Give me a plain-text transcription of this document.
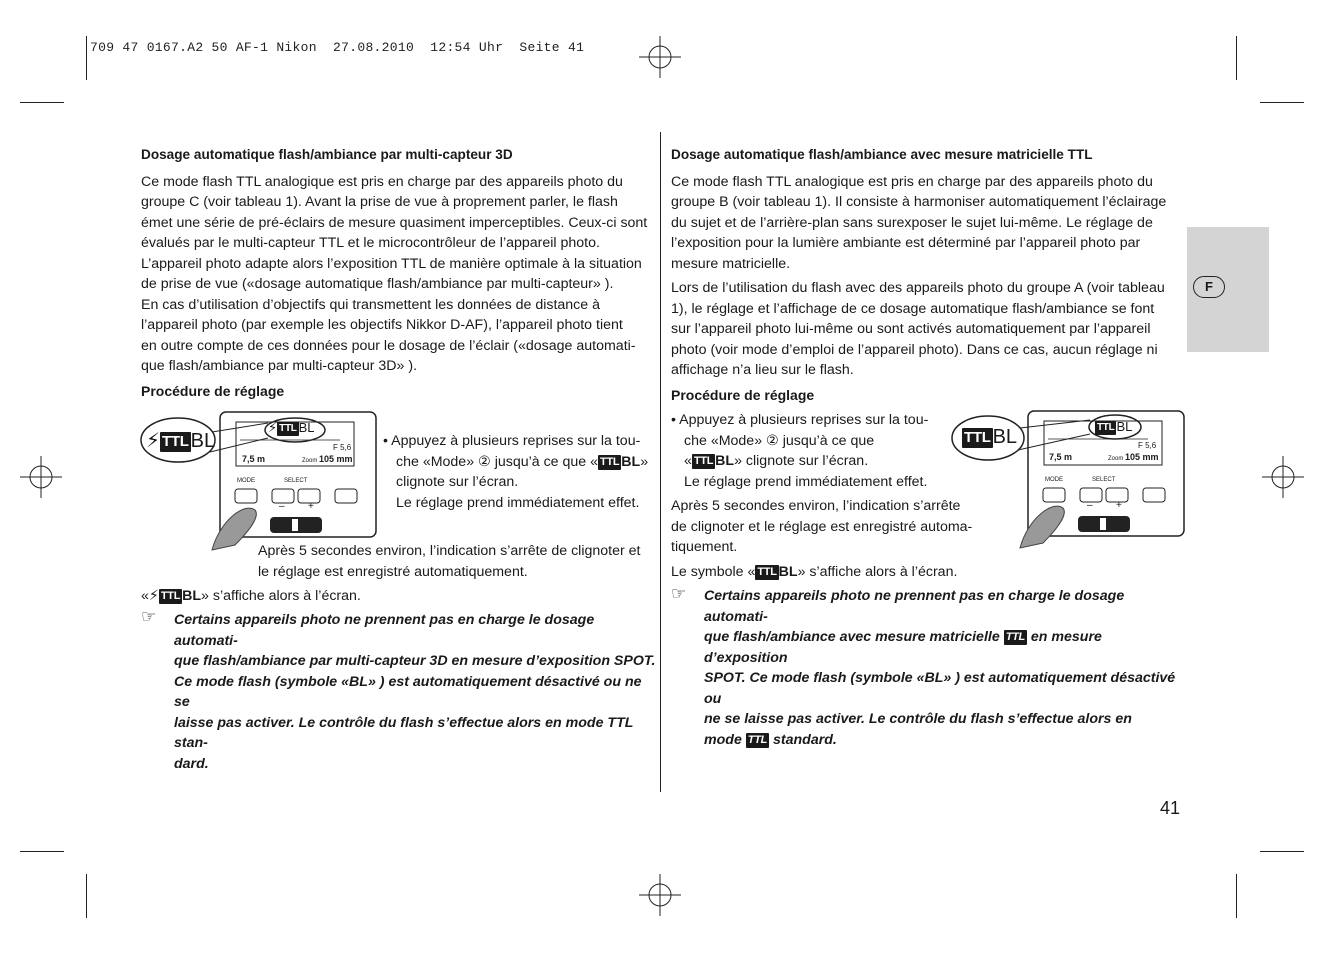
709 47 0167.A2 50 AF-1 Nikon  27.08.2010  12:54 Uhr  Seite 41
F
41

Dosage automatique flash/ambiance par multi-capteur 3D

Ce mode flash TTL analogique est pris en charge par des appareils photo du

groupe C (voir tableau 1). Avant la prise de vue à proprement parler, le flash

émet une série de pré-éclairs de mesure quasiment imperceptibles. Ceux-ci sont

évalués par le multi-capteur TTL et le microcontrôleur de l’appareil photo.

L’appareil photo adapte alors l’exposition TTL de manière optimale à la situation

de prise de vue («dosage automatique flash/ambiance par multi-capteur» ).

En cas d’utilisation d’objectifs qui transmettent les données de distance à

l’appareil photo (par exemple les objectifs Nikkor D-AF), l’appareil photo tient

en outre compte de ces données pour le dosage de l’éclair («dosage automati-

que flash/ambiance par multi-capteur 3D» ).

Procédure de réglage

⚡ TTL BL
⚡ TTL BL
F 5,6
7,5 m	Zoom 105 mm
MODE	SELECT
– +
• Appuyez à plusieurs reprises sur la tou-
che «Mode» ② jusqu’à ce que « TTL BL» clignote sur l’écran.
Le réglage prend immédiatement effet.
Après 5 secondes environ, l’indication s’arrête de clignoter et
le réglage est enregistré automatiquement.
«⚡ TTL BL» s’affiche alors à l’écran.
☞ Certains appareils photo ne prennent pas en charge le dosage automati-
que flash/ambiance par multi-capteur 3D en mesure d’exposition SPOT.
Ce mode flash (symbole «BL» ) est automatiquement désactivé ou ne se
laisse pas activer. Le contrôle du flash s’effectue alors en mode TTL stan-
dard.

Dosage automatique flash/ambiance avec mesure matricielle TTL

Ce mode flash TTL analogique est pris en charge par des appareils photo du

groupe B (voir tableau 1). Il consiste à harmoniser automatiquement l’éclairage

du sujet et de l’arrière-plan sans surexposer le sujet lui-même. Le réglage de

l’exposition pour la lumière ambiante est déterminé par l’appareil photo par

mesure matricielle.

Lors de l’utilisation du flash avec des appareils photo du groupe A (voir tableau

1), le réglage et l’affichage de ce dosage automatique flash/ambiance se font

sur l’appareil photo lui-même ou sont activés automatiquement par l’appareil

photo (voir mode d’emploi de l’appareil photo). Dans ce cas, aucun réglage ni

affichage n’a lieu sur le flash.

Procédure de réglage

• Appuyez à plusieurs reprises sur la tou-
che «Mode» ② jusqu’à ce que
« TTL BL» clignote sur l’écran.
Le réglage prend immédiatement effet.
Après 5 secondes environ, l’indication s’arrête
de clignoter et le réglage est enregistré automa-
tiquement.
TTL BL	TTL BL
F 5,6
7,5 m	Zoom 105 mm
MODE	SELECT
– +
Le symbole « TTL BL» s’affiche alors à l’écran.
☞ Certains appareils photo ne prennent pas en charge le dosage automati-
que flash/ambiance avec mesure matricielle TTL en mesure d’exposition
SPOT. Ce mode flash (symbole «BL» ) est automatiquement désactivé ou
ne se laisse pas activer. Le contrôle du flash s’effectue alors en
mode TTL standard.
